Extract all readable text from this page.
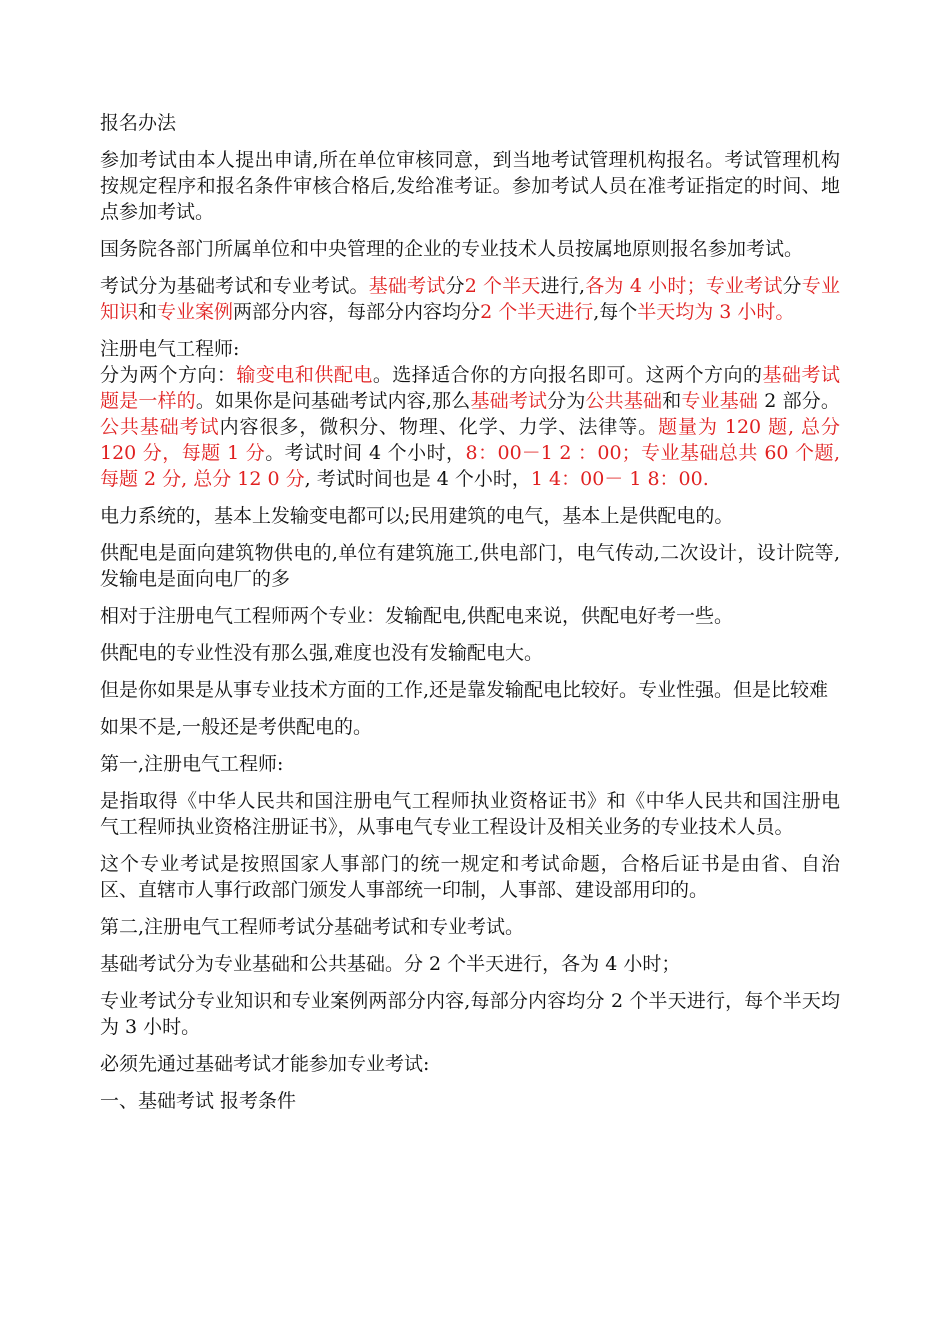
报名办法

参加考试由本人提出申请,所在单位审核同意，到当地考试管理机构报名。考试管理机构按规定程序和报名条件审核合格后,发给准考证。参加考试人员在准考证指定的时间、地点参加考试。

国务院各部门所属单位和中央管理的企业的专业技术人员按属地原则报名参加考试。

考试分为基础考试和专业考试。基础考试分2 个半天进行,各为 4 小时；专业考试分专业知识和专业案例两部分内容，每部分内容均分2 个半天进行,每个半天均为 3 小时。

注册电气工程师:

分为两个方向：输变电和供配电。选择适合你的方向报名即可。这两个方向的基础考试题是一样的。如果你是问基础考试内容,那么基础考试分为公共基础和专业基础 2 部分。公共基础考试内容很多，微积分、物理、化学、力学、法律等。题量为 120 题, 总分 120 分，每题 1 分。考试时间 4 个小时，8：00－1 2 ：00；专业基础总共 60 个题, 每题 2 分, 总分 12 0 分, 考试时间也是 4 个小时，1 4：00－ 1 8：00.

电力系统的，基本上发输变电都可以;民用建筑的电气，基本上是供配电的。

供配电是面向建筑物供电的,单位有建筑施工,供电部门，电气传动,二次设计，设计院等,发输电是面向电厂的多

相对于注册电气工程师两个专业：发输配电,供配电来说，供配电好考一些。

供配电的专业性没有那么强,难度也没有发输配电大。

但是你如果是从事专业技术方面的工作,还是靠发输配电比较好。专业性强。但是比较难

如果不是,一般还是考供配电的。

第一,注册电气工程师:

是指取得《中华人民共和国注册电气工程师执业资格证书》和《中华人民共和国注册电气工程师执业资格注册证书》，从事电气专业工程设计及相关业务的专业技术人员。

这个专业考试是按照国家人事部门的统一规定和考试命题，合格后证书是由省、自治区、直辖市人事行政部门颁发人事部统一印制，人事部、建设部用印的。

第二,注册电气工程师考试分基础考试和专业考试。

基础考试分为专业基础和公共基础。分 2 个半天进行，各为 4 小时；

专业考试分专业知识和专业案例两部分内容,每部分内容均分 2 个半天进行，每个半天均为 3 小时。

必须先通过基础考试才能参加专业考试:

一、基础考试 报考条件
